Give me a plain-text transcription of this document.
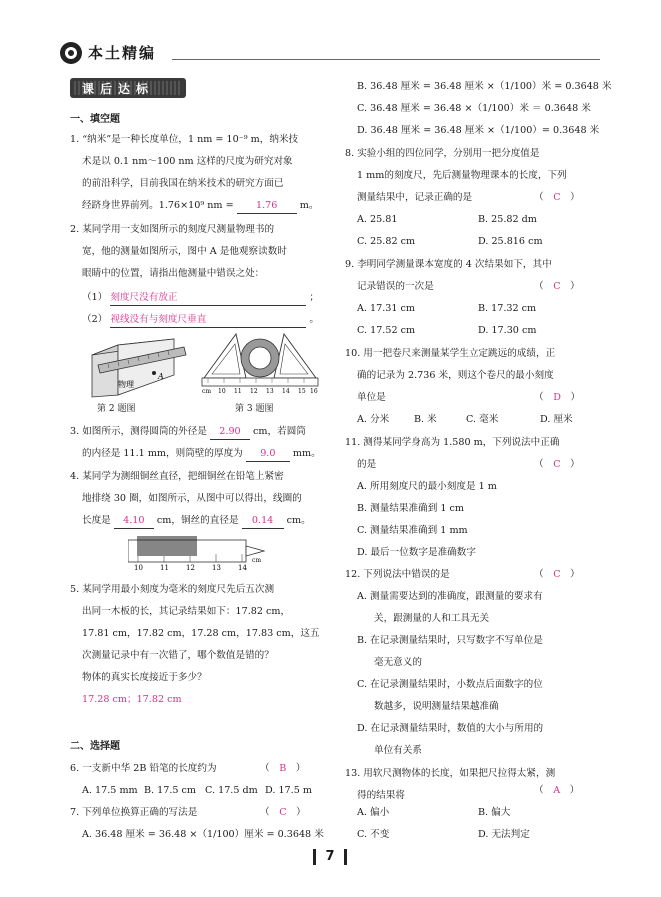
本土精编
课后达标
一、填空题
1. “纳米”是一种长度单位，1 nm = 10⁻⁹ m，纳米技
术是以 0.1 nm～100 nm 这样的尺度为研究对象
的前沿科学，目前我国在纳米技术的研究方面已
经跻身世界前列。1.76×10⁹ nm = 1.76 m。
2. 某同学用一支如图所示的刻度尺测量物理书的
宽，他的测量如图所示，图中 A 是他观察读数时
眼睛中的位置，请指出他测量中错误之处：
（1） 刻度尺没有放正	；
（2） 视线没有与刻度尺垂直	。
物理
A
cm 10 11 12 13 14 15 16
第 2 题图	第 3 题图
3. 如图所示，测得圆筒的外径是 2.90 cm，若圆筒
的内径是 11.1 mm，则筒壁的厚度为 9.0 mm。
4. 某同学为测细铜丝直径，把细铜丝在铅笔上紧密
地排绕 30 圈，如图所示，从图中可以得出，线圈的
长度是 4.10 cm，铜丝的直径是 0.14 cm。
10 11 12 13 14
cm
5. 某同学用最小刻度为毫米的刻度尺先后五次测
出同一木板的长，其记录结果如下：17.82 cm，
17.81 cm，17.82 cm，17.28 cm，17.83 cm，这五
次测量记录中有一次错了，哪个数值是错的？
物体的真实长度接近于多少？
17.28 cm；17.82 cm
二、选择题
6. 一支新中华 2B 铅笔的长度约为	（　B　）
A. 17.5 mm B. 17.5 cm C. 17.5 dm D. 17.5 m
7. 下列单位换算正确的写法是	（　C　）
A. 36.48 厘米 = 36.48 ×（1/100）厘米 = 0.3648 米
B. 36.48 厘米 = 36.48 厘米 ×（1/100）米 = 0.3648 米
C. 36.48 厘米 = 36.48 ×（1/100）米 ＝ 0.3648 米
D. 36.48 厘米 = 36.48 厘米 ×（1/100）= 0.3648 米
8. 实验小组的四位同学，分别用一把分度值是
1 mm的刻度尺，先后测量物理课本的长度，下列
测量结果中，记录正确的是	（　C　）
A. 25.81	B. 25.82 dm
C. 25.82 cm	D. 25.816 cm
9. 李明同学测量课本宽度的 4 次结果如下，其中
记录错误的一次是	（　C　）
A. 17.31 cm	B. 17.32 cm
C. 17.52 cm	D. 17.30 cm
10. 用一把卷尺来测量某学生立定跳远的成绩，正
确的记录为 2.736 米，则这个卷尺的最小刻度
单位是	（　D　）
A. 分米	B. 米	C. 毫米	D. 厘米
11. 测得某同学身高为 1.580 m，下列说法中正确
的是	（　C　）
A. 所用刻度尺的最小刻度是 1 m
B. 测量结果准确到 1 cm
C. 测量结果准确到 1 mm
D. 最后一位数字是准确数字
12. 下列说法中错误的是	（　C　）
A. 测量需要达到的准确度，跟测量的要求有
关，跟测量的人和工具无关
B. 在记录测量结果时，只写数字不写单位是
毫无意义的
C. 在记录测量结果时，小数点后面数字的位
数越多，说明测量结果越准确
D. 在记录测量结果时，数值的大小与所用的
单位有关系
13. 用软尺测物体的长度，如果把尺拉得太紧，测
得的结果将	（　A　）
A. 偏小	B. 偏大
C. 不变	D. 无法判定
7
